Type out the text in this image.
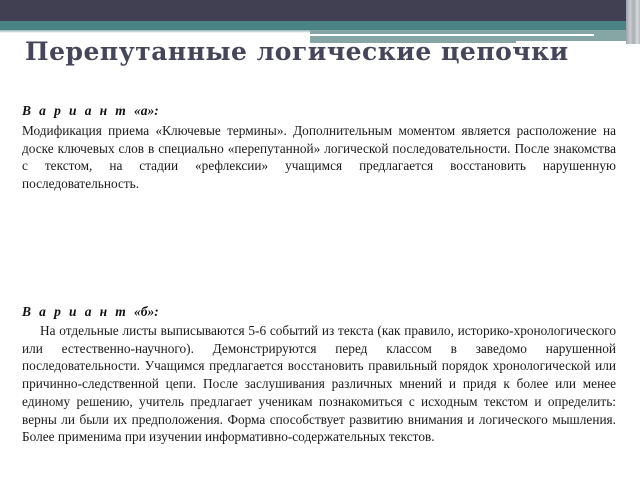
Перепутанные логические цепочки
В а р и а н т «а»:

Модификация приема «Ключевые термины». Дополнительным моментом является расположение на доске ключевых слов в специально «перепутанной» логической последовательности. После знакомства с текстом, на стадии «рефлексии» учащимся предлагается восстановить нарушенную последовательность.

В а р и а н т «б»:

На отдельные листы выписываются 5-6 событий из текста (как правило, историко-хронологического или естественно-научного). Демонстрируются перед классом в заведомо нарушенной последовательности. Учащимся предлагается восстановить правильный порядок хронологической или причинно-следственной цепи. После заслушивания различных мнений и придя к более или менее единому решению, учитель предлагает ученикам познакомиться с исходным текстом и определить: верны ли были их предположения. Форма способствует развитию внимания и логического мышления. Более применима при изучении информативно-содержательных текстов.
